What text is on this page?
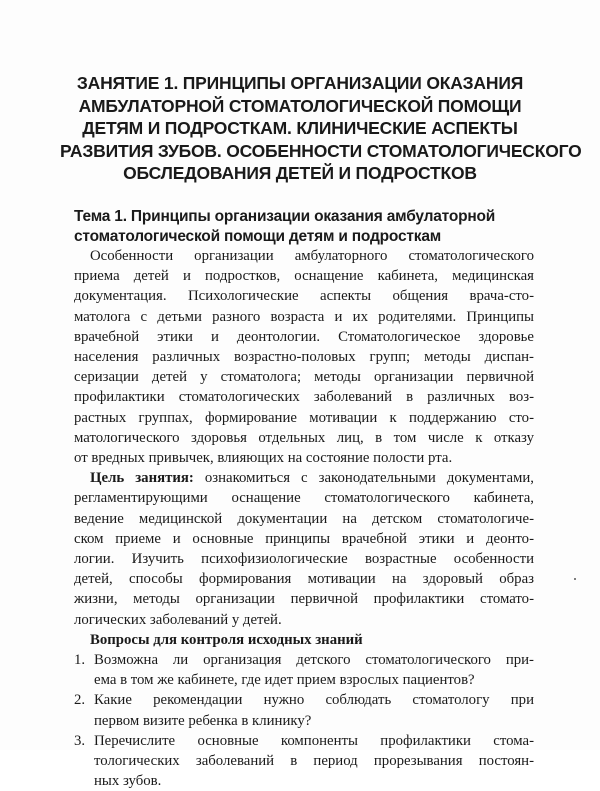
ЗАНЯТИЕ 1. ПРИНЦИПЫ ОРГАНИЗАЦИИ ОКАЗАНИЯ
АМБУЛАТОРНОЙ СТОМАТОЛОГИЧЕСКОЙ ПОМОЩИ
ДЕТЯМ И ПОДРОСТКАМ. КЛИНИЧЕСКИЕ АСПЕКТЫ
РАЗВИТИЯ ЗУБОВ. ОСОБЕННОСТИ СТОМАТОЛОГИЧЕСКОГО
ОБСЛЕДОВАНИЯ ДЕТЕЙ И ПОДРОСТКОВ
Тема 1. Принципы организации оказания амбулаторной
стоматологической помощи детям и подросткам
Особенности организации амбулаторного стоматологического
приема детей и подростков, оснащение кабинета, медицинская
документация. Психологические аспекты общения врача-сто-
матолога с детьми разного возраста и их родителями. Принципы
врачебной этики и деонтологии. Стоматологическое здоровье
населения различных возрастно-половых групп; методы диспан-
серизации детей у стоматолога; методы организации первичной
профилактики стоматологических заболеваний в различных воз-
растных группах, формирование мотивации к поддержанию сто-
матологического здоровья отдельных лиц, в том числе к отказу
от вредных привычек, влияющих на состояние полости рта.
Цель занятия: ознакомиться с законодательными документами,
регламентирующими оснащение стоматологического кабинета,
ведение медицинской документации на детском стоматологиче-
ском приеме и основные принципы врачебной этики и деонто-
логии. Изучить психофизиологические возрастные особенности
детей, способы формирования мотивации на здоровый образ
жизни, методы организации первичной профилактики стомато-
логических заболеваний у детей.
Вопросы для контроля исходных знаний
1. Возможна ли организация детского стоматологического при-
ема в том же кабинете, где идет прием взрослых пациентов?
2. Какие рекомендации нужно соблюдать стоматологу при
первом визите ребенка в клинику?
3. Перечислите основные компоненты профилактики стома-
тологических заболеваний в период прорезывания постоян-
ных зубов.
